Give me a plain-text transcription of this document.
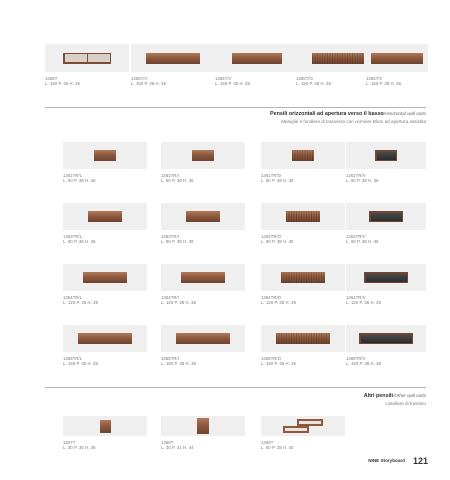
1365T
L. 150 P. 36 H. 36
1365T/A
L. 150 P. 38 H. 36
1365T/V
L. 150 P. 38 H. 36
1365T/O
L. 150 P. 38 H. 36
1365T/V
L. 150 P. 38 H. 36
Pensili orizzontali ad apertura verso il basso/Horizontal wall units
Maniglie e fondiere di trasverso con cerniere Blum ad apertura assistita
1361TR/L
L. 60 P. 38 H. 36
1361TR/I
L. 60 P. 38 H. 36
1361TR/O
L. 60 P. 38 H. 36
1361TR/V
L. 60 P. 38 H. 36
1363TR/L
L. 90 P. 38 H. 36
1363TR/I
L. 90 P. 38 H. 36
1363TR/O
L. 90 P. 38 H. 36
1363TR/V
L. 90 P. 38 H. 36
1364TR/L
L. 120 P. 38 H. 36
1364TR/I
L. 120 P. 38 H. 36
1364TR/O
L. 120 P. 38 H. 36
1364TR/V
L. 120 P. 38 H. 36
1365TR/L
L. 150 P. 38 H. 36
1365TR/I
L. 150 P. 38 H. 36
1365TR/O
L. 150 P. 38 H. 36
1365TR/V
L. 150 P. 38 H. 36
Altri pensili/Other wall units
Listellare di frassino
1367T
L. 30 P. 36 H. 36
1368T
L. 30 P. 31 H. 44
1369T
L. 60 P. 38 H. 40
NINE Storyboard 121
